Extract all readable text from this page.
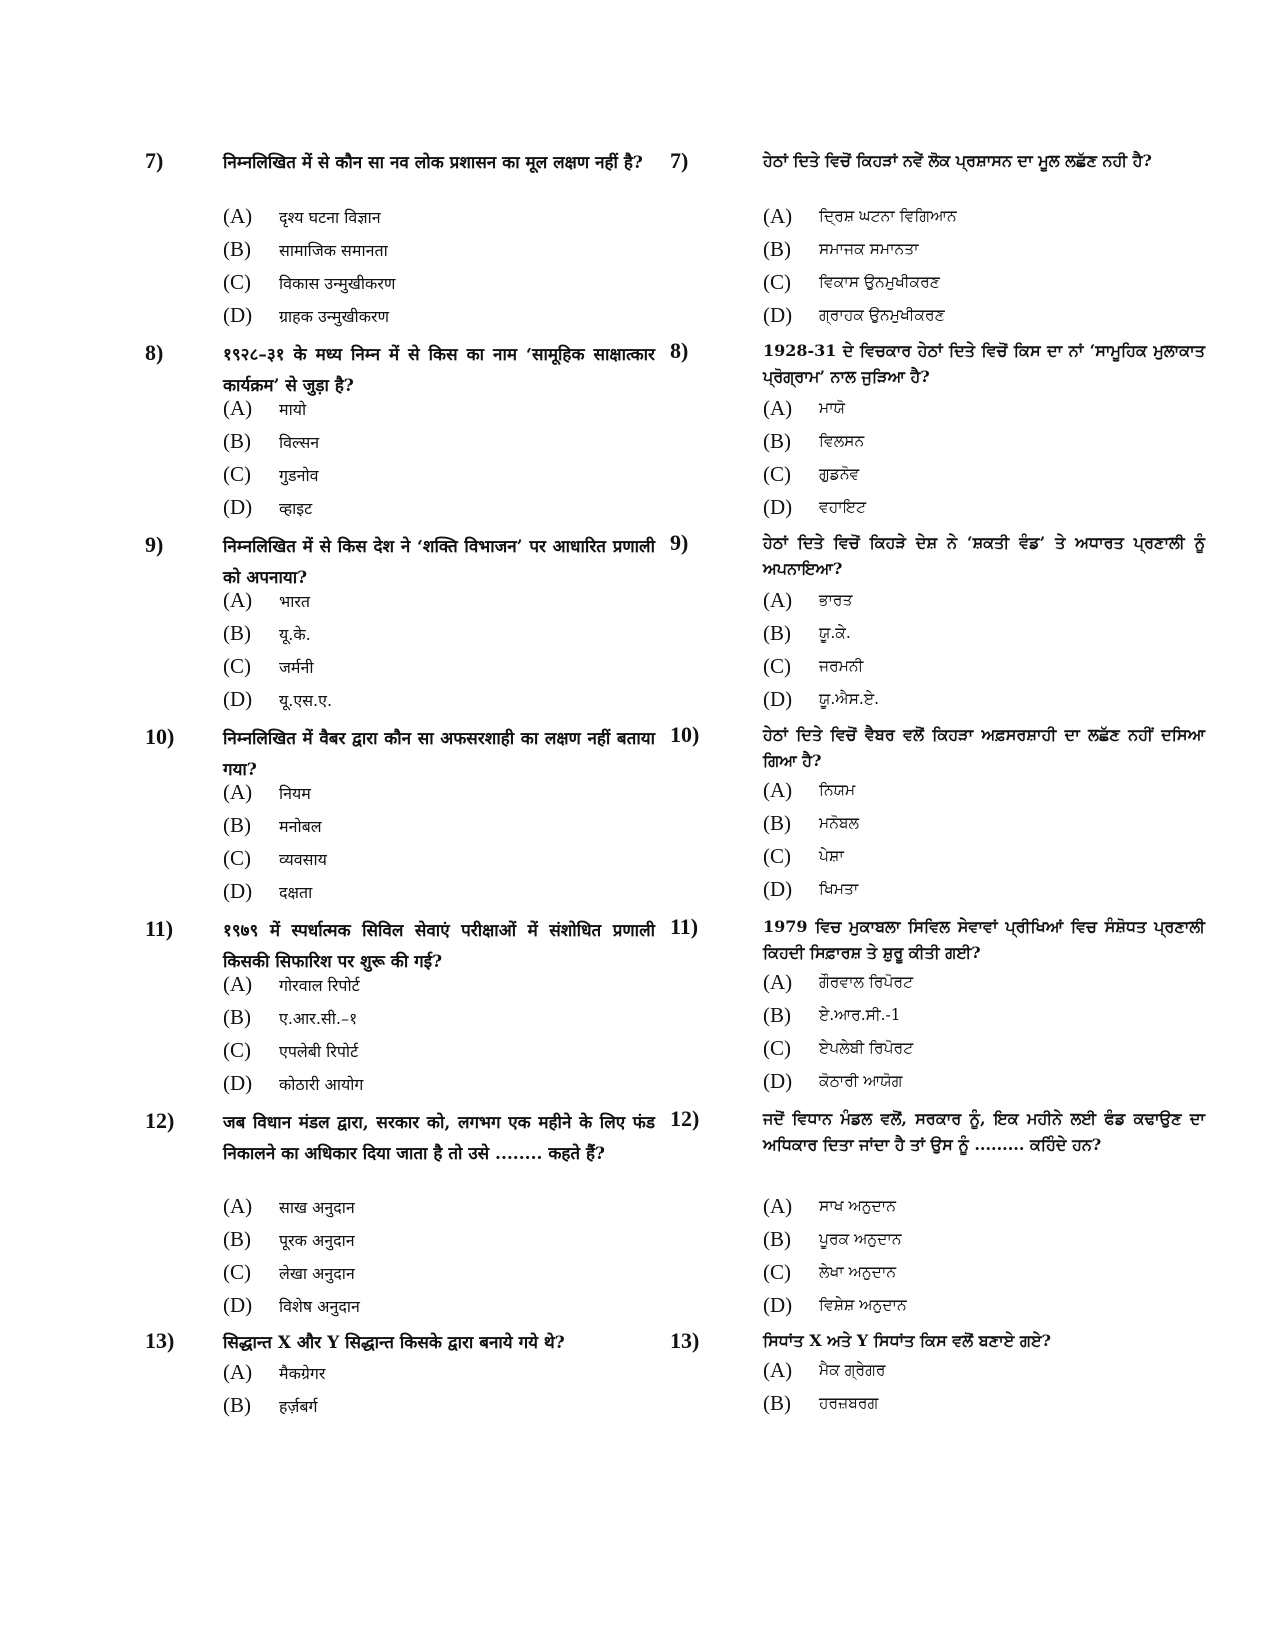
7)	निम्नलिखित में से कौन सा नव लोक प्रशासन का मूल लक्षण नहीं है?
(A)	दृश्य घटना विज्ञान
(B)	सामाजिक समानता
(C)	विकास उन्मुखीकरण
(D)	ग्राहक उन्मुखीकरण
8)	१९२८–३१ के मध्य निम्न में से किस का नाम ‘सामूहिक साक्षात्कार कार्यक्रम’ से जुड़ा है?
(A)	मायो
(B)	विल्सन
(C)	गुडनोव
(D)	व्हाइट
9)	निम्नलिखित में से किस देश ने ‘शक्ति विभाजन’ पर आधारित प्रणाली को अपनाया?
(A)	भारत
(B)	यू.के.
(C)	जर्मनी
(D)	यू.एस.ए.
10)	निम्नलिखित में वैबर द्वारा कौन सा अफसरशाही का लक्षण नहीं बताया गया?
(A)	नियम
(B)	मनोबल
(C)	व्यवसाय
(D)	दक्षता
11)	१९७९ में स्पर्धात्मक सिविल सेवाएं परीक्षाओं में संशोधित प्रणाली किसकी सिफारिश पर शुरू की गई?
(A)	गोरवाल रिपोर्ट
(B)	ए.आर.सी.–१
(C)	एपलेबी रिपोर्ट
(D)	कोठारी आयोग
12)	जब विधान मंडल द्वारा, सरकार को, लगभग एक महीने के लिए फंड निकालने का अधिकार दिया जाता है तो उसे ........ कहते हैं?
(A)	साख अनुदान
(B)	पूरक अनुदान
(C)	लेखा अनुदान
(D)	विशेष अनुदान
13)	सिद्धान्त X और Y सिद्धान्त किसके द्वारा बनाये गये थे?
(A)	मैकग्रेगर
(B)	हर्ज़बर्ग
7)	ਹੇਠਾਂ ਦਿਤੇ ਵਿਚੋਂ ਕਿਹੜਾਂ ਨਵੇਂ ਲੋਕ ਪ੍ਰਸ਼ਾਸਨ ਦਾ ਮੂਲ ਲਛੱਣ ਨਹੀ ਹੈ?
(A)	ਦ੍ਰਿਸ਼ ਘਟਨਾ ਵਿਗਿਆਨ
(B)	ਸਮਾਜਕ ਸਮਾਨਤਾ
(C)	ਵਿਕਾਸ ਉਨਮੁਖੀਕਰਣ
(D)	ਗ੍ਰਾਹਕ ਉਨਮੁਖੀਕਰਣ
8)	1928-31 ਦੇ ਵਿਚਕਾਰ ਹੇਠਾਂ ਦਿਤੇ ਵਿਚੋਂ ਕਿਸ ਦਾ ਨਾਂ ‘ਸਾਮੂਹਿਕ ਮੁਲਾਕਾਤ ਪ੍ਰੋਗ੍ਰਾਮ’ ਨਾਲ ਜੁੜਿਆ ਹੈ?
(A)	ਮਾਯੋ
(B)	ਵਿਲਸਨ
(C)	ਗੁਡਨੋਵ
(D)	ਵਹਾਇਟ
9)	ਹੇਠਾਂ ਦਿਤੇ ਵਿਚੋਂ ਕਿਹੜੇ ਦੇਸ਼ ਨੇ ‘ਸ਼ਕਤੀ ਵੰਡ’ ਤੇ ਅਧਾਰਤ ਪ੍ਰਣਾਲੀ ਨੂੰ ਅਪਨਾਇਆ?
(A)	ਭਾਰਤ
(B)	ਯੂ.ਕੇ.
(C)	ਜਰਮਨੀ
(D)	ਯੂ.ਐਸ.ਏ.
10)	ਹੇਠਾਂ ਦਿਤੇ ਵਿਚੋਂ ਵੈਬਰ ਵਲੋਂ ਕਿਹੜਾ ਅਫ਼ਸਰਸ਼ਾਹੀ ਦਾ ਲਛੱਣ ਨਹੀਂ ਦਸਿਆ ਗਿਆ ਹੈ?
(A)	ਨਿਯਮ
(B)	ਮਨੋਬਲ
(C)	ਪੇਸ਼ਾ
(D)	ਖਿਮਤਾ
11)	1979 ਵਿਚ ਮੁਕਾਬਲਾ ਸਿਵਿਲ ਸੇਵਾਵਾਂ ਪ੍ਰੀਖਿਆਂ ਵਿਚ ਸੰਸ਼ੋਧਤ ਪ੍ਰਣਾਲੀ ਕਿਹਦੀ ਸਿਫ਼ਾਰਸ਼ ਤੇ ਸ਼ੁਰੂ ਕੀਤੀ ਗਈ?
(A)	ਗੌਰਵਾਲ ਰਿਪੋਰਟ
(B)	ਏ.ਆਰ.ਸੀ.-1
(C)	ਏਪਲੇਬੀ ਰਿਪੋਰਟ
(D)	ਕੋਠਾਰੀ ਆਯੋਗ
12)	ਜਦੋਂ ਵਿਧਾਨ ਮੰਡਲ ਵਲੋਂ, ਸਰਕਾਰ ਨੂੰ, ਇਕ ਮਹੀਨੇ ਲਈ ਫੰਡ ਕਢਾਉਣ ਦਾ ਅਧਿਕਾਰ ਦਿਤਾ ਜਾਂਦਾ ਹੈ ਤਾਂ ਉਸ ਨੂੰ ......... ਕਹਿੰਦੇ ਹਨ?
(A)	ਸਾਖ ਅਨੁਦਾਨ
(B)	ਪੂਰਕ ਅਨੁਦਾਨ
(C)	ਲੇਖਾ ਅਨੁਦਾਨ
(D)	ਵਿਸ਼ੇਸ਼ ਅਨੁਦਾਨ
13)	ਸਿਧਾਂਤ X ਅਤੇ Y ਸਿਧਾਂਤ ਕਿਸ ਵਲੋਂ ਬਣਾਏ ਗਏ?
(A)	ਮੈਕ ਗ੍ਰੇਗਰ
(B)	ਹਰਜ਼ਬਰਗ
